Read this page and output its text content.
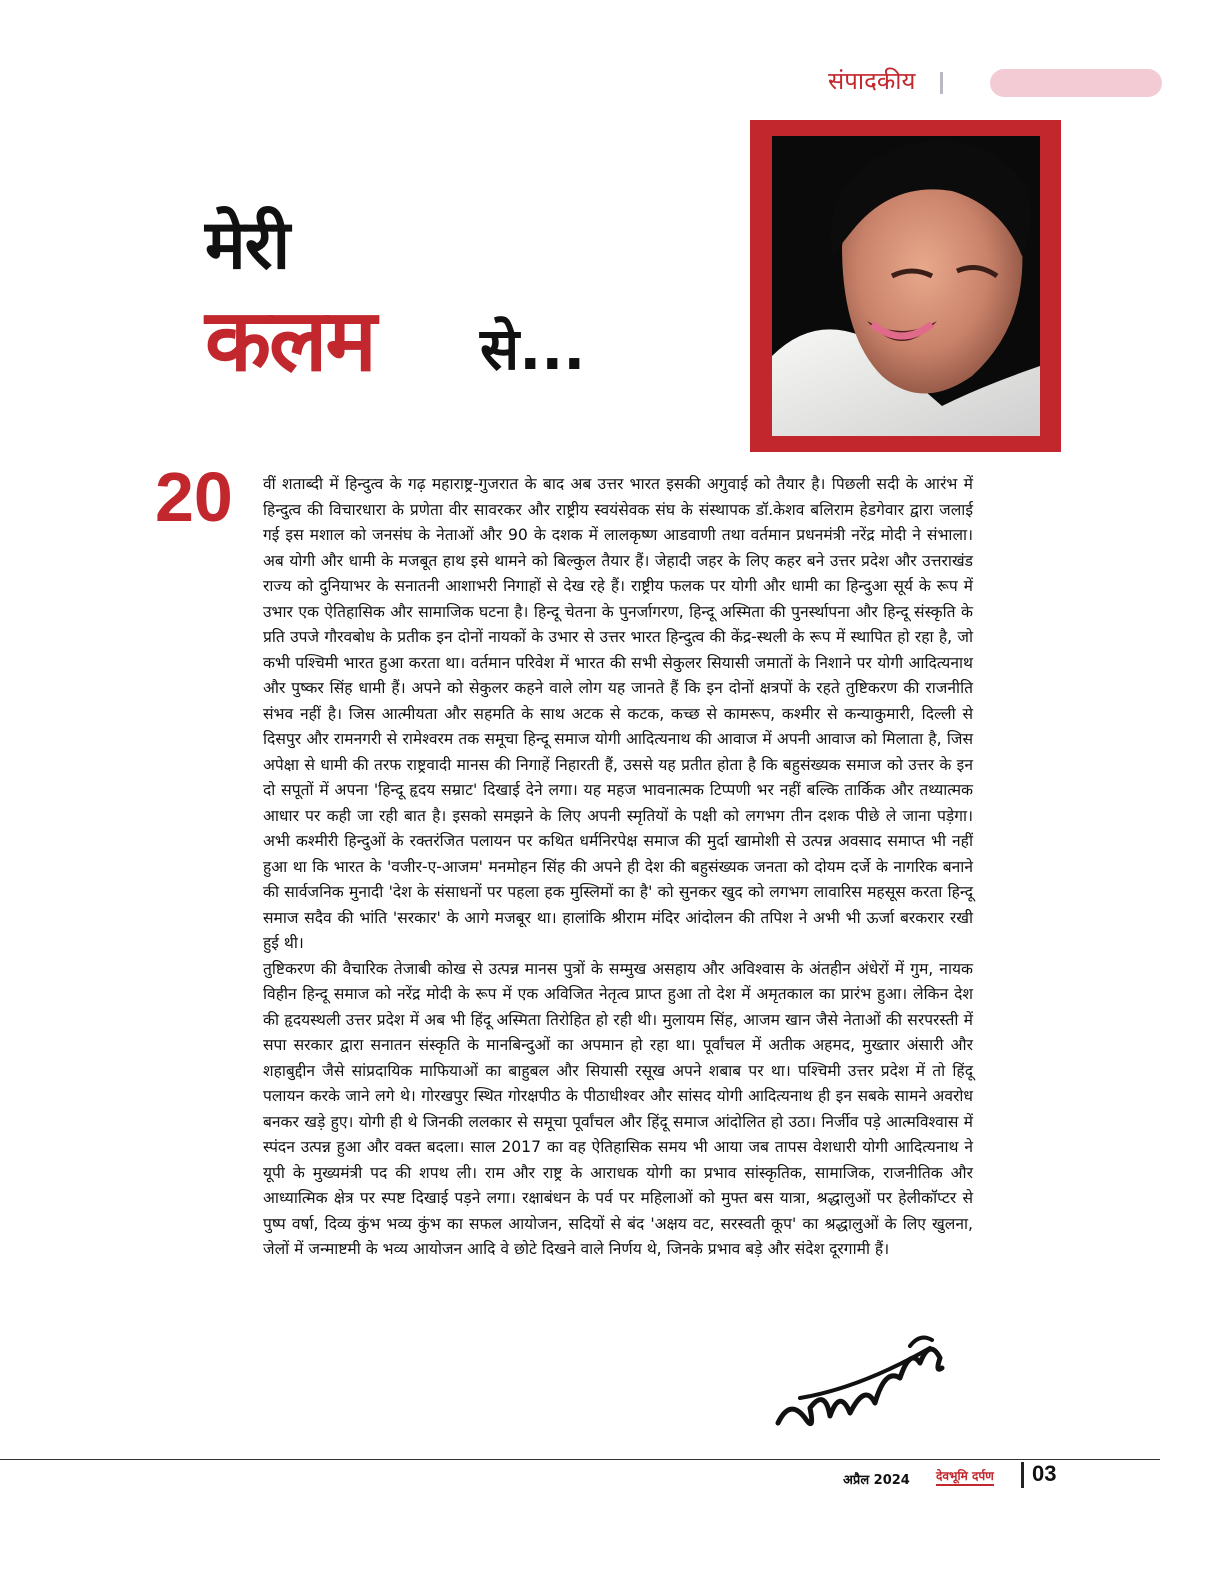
संपादकीय
मेरी
कलम से...
20 वीं शताब्दी में हिन्दुत्व के गढ़ महाराष्ट्र-गुजरात के बाद अब उत्तर भारत इसकी अगुवाई को तैयार है। पिछली सदी के आरंभ में हिन्दुत्व की विचारधारा के प्रणेता वीर सावरकर और राष्ट्रीय स्वयंसेवक संघ के संस्थापक डॉ.केशव बलिराम हेडगेवार द्वारा जलाई गई इस मशाल को जनसंघ के नेताओं और 90 के दशक में लालकृष्ण आडवाणी तथा वर्तमान प्रधनमंत्री नरेंद्र मोदी ने संभाला। अब योगी और धामी के मजबूत हाथ इसे थामने को बिल्कुल तैयार हैं। जेहादी जहर के लिए कहर बने उत्तर प्रदेश और उत्तराखंड राज्य को दुनियाभर के सनातनी आशाभरी निगाहों से देख रहे हैं। राष्ट्रीय फलक पर योगी और धामी का हिन्दुआ सूर्य के रूप में उभार एक ऐतिहासिक और सामाजिक घटना है। हिन्दू चेतना के पुनर्जागरण, हिन्दू अस्मिता की पुनर्स्थापना और हिन्दू संस्कृति के प्रति उपजे गौरवबोध के प्रतीक इन दोनों नायकों के उभार से उत्तर भारत हिन्दुत्व की केंद्र-स्थली के रूप में स्थापित हो रहा है, जो कभी पश्चिमी भारत हुआ करता था। वर्तमान परिवेश में भारत की सभी सेकुलर सियासी जमातों के निशाने पर योगी आदित्यनाथ और पुष्कर सिंह धामी हैं। अपने को सेकुलर कहने वाले लोग यह जानते हैं कि इन दोनों क्षत्रपों के रहते तुष्टिकरण की राजनीति संभव नहीं है। जिस आत्मीयता और सहमति के साथ अटक से कटक, कच्छ से कामरूप, कश्मीर से कन्याकुमारी, दिल्ली से दिसपुर और रामनगरी से रामेश्वरम तक समूचा हिन्दू समाज योगी आदित्यनाथ की आवाज में अपनी आवाज को मिलाता है, जिस अपेक्षा से धामी की तरफ राष्ट्रवादी मानस की निगाहें निहारती हैं, उससे यह प्रतीत होता है कि बहुसंख्यक समाज को उत्तर के इन दो सपूतों में अपना 'हिन्दू हृदय सम्राट' दिखाई देने लगा। यह महज भावनात्मक टिप्पणी भर नहीं बल्कि तार्किक और तथ्यात्मक आधार पर कही जा रही बात है। इसको समझने के लिए अपनी स्मृतियों के पक्षी को लगभग तीन दशक पीछे ले जाना पड़ेगा। अभी कश्मीरी हिन्दुओं के रक्तरंजित पलायन पर कथित धर्मनिरपेक्ष समाज की मुर्दा खामोशी से उत्पन्न अवसाद समाप्त भी नहीं हुआ था कि भारत के 'वजीर-ए-आजम' मनमोहन सिंह की अपने ही देश की बहुसंख्यक जनता को दोयम दर्जे के नागरिक बनाने की सार्वजनिक मुनादी 'देश के संसाधनों पर पहला हक मुस्लिमों का है' को सुनकर खुद को लगभग लावारिस महसूस करता हिन्दू समाज सदैव की भांति 'सरकार' के आगे मजबूर था। हालांकि श्रीराम मंदिर आंदोलन की तपिश ने अभी भी ऊर्जा बरकरार रखी हुई थी।

तुष्टिकरण की वैचारिक तेजाबी कोख से उत्पन्न मानस पुत्रों के सम्मुख असहाय और अविश्वास के अंतहीन अंधेरों में गुम, नायक विहीन हिन्दू समाज को नरेंद्र मोदी के रूप में एक अविजित नेतृत्व प्राप्त हुआ तो देश में अमृतकाल का प्रारंभ हुआ। लेकिन देश की हृदयस्थली उत्तर प्रदेश में अब भी हिंदू अस्मिता तिरोहित हो रही थी। मुलायम सिंह, आजम खान जैसे नेताओं की सरपरस्ती में सपा सरकार द्वारा सनातन संस्कृति के मानबिन्दुओं का अपमान हो रहा था। पूर्वांचल में अतीक अहमद, मुख्तार अंसारी और शहाबुद्दीन जैसे सांप्रदायिक माफियाओं का बाहुबल और सियासी रसूख अपने शबाब पर था। पश्चिमी उत्तर प्रदेश में तो हिंदू पलायन करके जाने लगे थे। गोरखपुर स्थित गोरक्षपीठ के पीठाधीश्वर और सांसद योगी आदित्यनाथ ही इन सबके सामने अवरोध बनकर खड़े हुए। योगी ही थे जिनकी ललकार से समूचा पूर्वांचल और हिंदू समाज आंदोलित हो उठा। निर्जीव पड़े आत्मविश्वास में स्पंदन उत्पन्न हुआ और वक्त बदला। साल 2017 का वह ऐतिहासिक समय भी आया जब तापस वेशधारी योगी आदित्यनाथ ने यूपी के मुख्यमंत्री पद की शपथ ली। राम और राष्ट्र के आराधक योगी का प्रभाव सांस्कृतिक, सामाजिक, राजनीतिक और आध्यात्मिक क्षेत्र पर स्पष्ट दिखाई पड़ने लगा। रक्षाबंधन के पर्व पर महिलाओं को मुफ्त बस यात्रा, श्रद्धालुओं पर हेलीकॉप्टर से पुष्प वर्षा, दिव्य कुंभ भव्य कुंभ का सफल आयोजन, सदियों से बंद 'अक्षय वट, सरस्वती कूप' का श्रद्धालुओं के लिए खुलना, जेलों में जन्माष्टमी के भव्य आयोजन आदि वे छोटे दिखने वाले निर्णय थे, जिनके प्रभाव बड़े और संदेश दूरगामी हैं।

अप्रैल 2024 देवभूमि दर्पण 03
